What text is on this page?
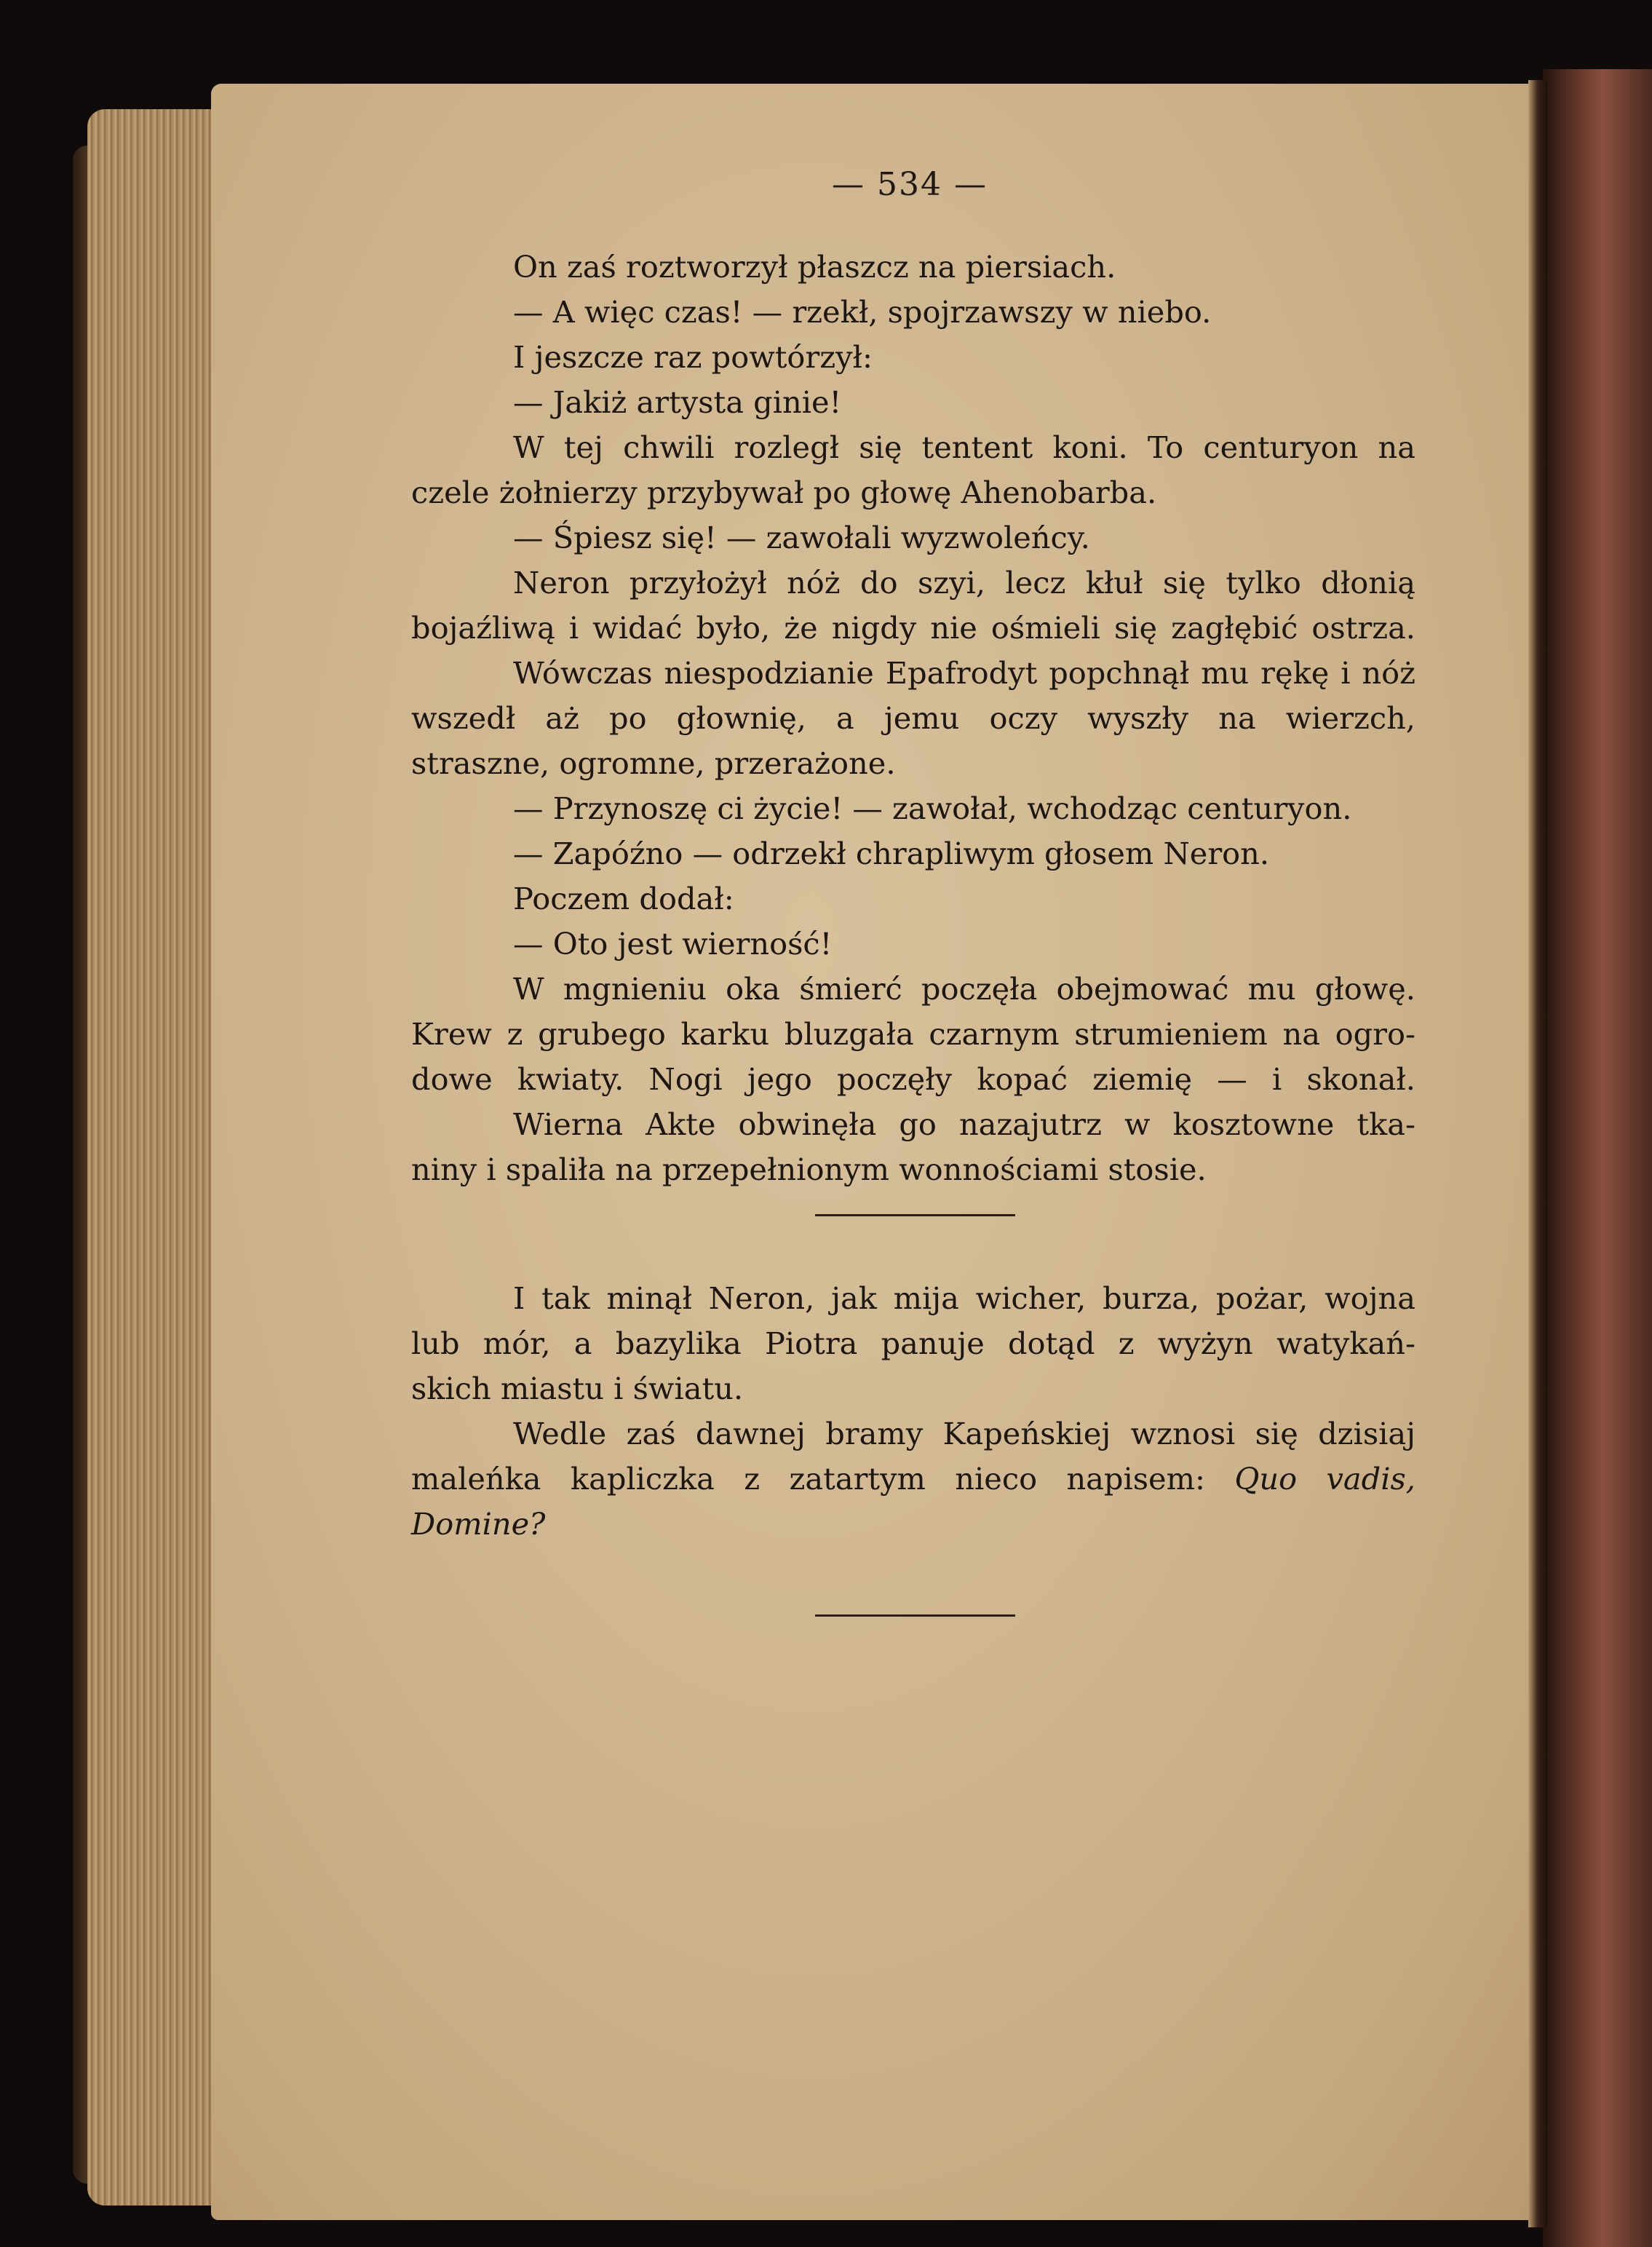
— 534 —
On zaś roztworzył płaszcz na piersiach.
— A więc czas! — rzekł, spojrzawszy w niebo.
I jeszcze raz powtórzył:
— Jakiż artysta ginie!
W tej chwili rozległ się tentent koni. To centuryon na
czele żołnierzy przybywał po głowę Ahenobarba.
— Śpiesz się! — zawołali wyzwoleńcy.
Neron przyłożył nóż do szyi, lecz kłuł się tylko dłonią
bojaźliwą i widać było, że nigdy nie ośmieli się zagłębić ostrza.
Wówczas niespodzianie Epafrodyt popchnął mu rękę i nóż
wszedł aż po głownię, a jemu oczy wyszły na wierzch,
straszne, ogromne, przerażone.
— Przynoszę ci życie! — zawołał, wchodząc centuryon.
— Zapóźno — odrzekł chrapliwym głosem Neron.
Poczem dodał:
— Oto jest wierność!
W mgnieniu oka śmierć poczęła obejmować mu głowę.
Krew z grubego karku bluzgała czarnym strumieniem na ogro-
dowe kwiaty. Nogi jego poczęły kopać ziemię — i skonał.
Wierna Akte obwinęła go nazajutrz w kosztowne tka-
niny i spaliła na przepełnionym wonnościami stosie.
I tak minął Neron, jak mija wicher, burza, pożar, wojna
lub mór, a bazylika Piotra panuje dotąd z wyżyn watykań-
skich miastu i światu.
Wedle zaś dawnej bramy Kapeńskiej wznosi się dzisiaj
maleńka kapliczka z zatartym nieco napisem: Quo vadis,
Domine?
